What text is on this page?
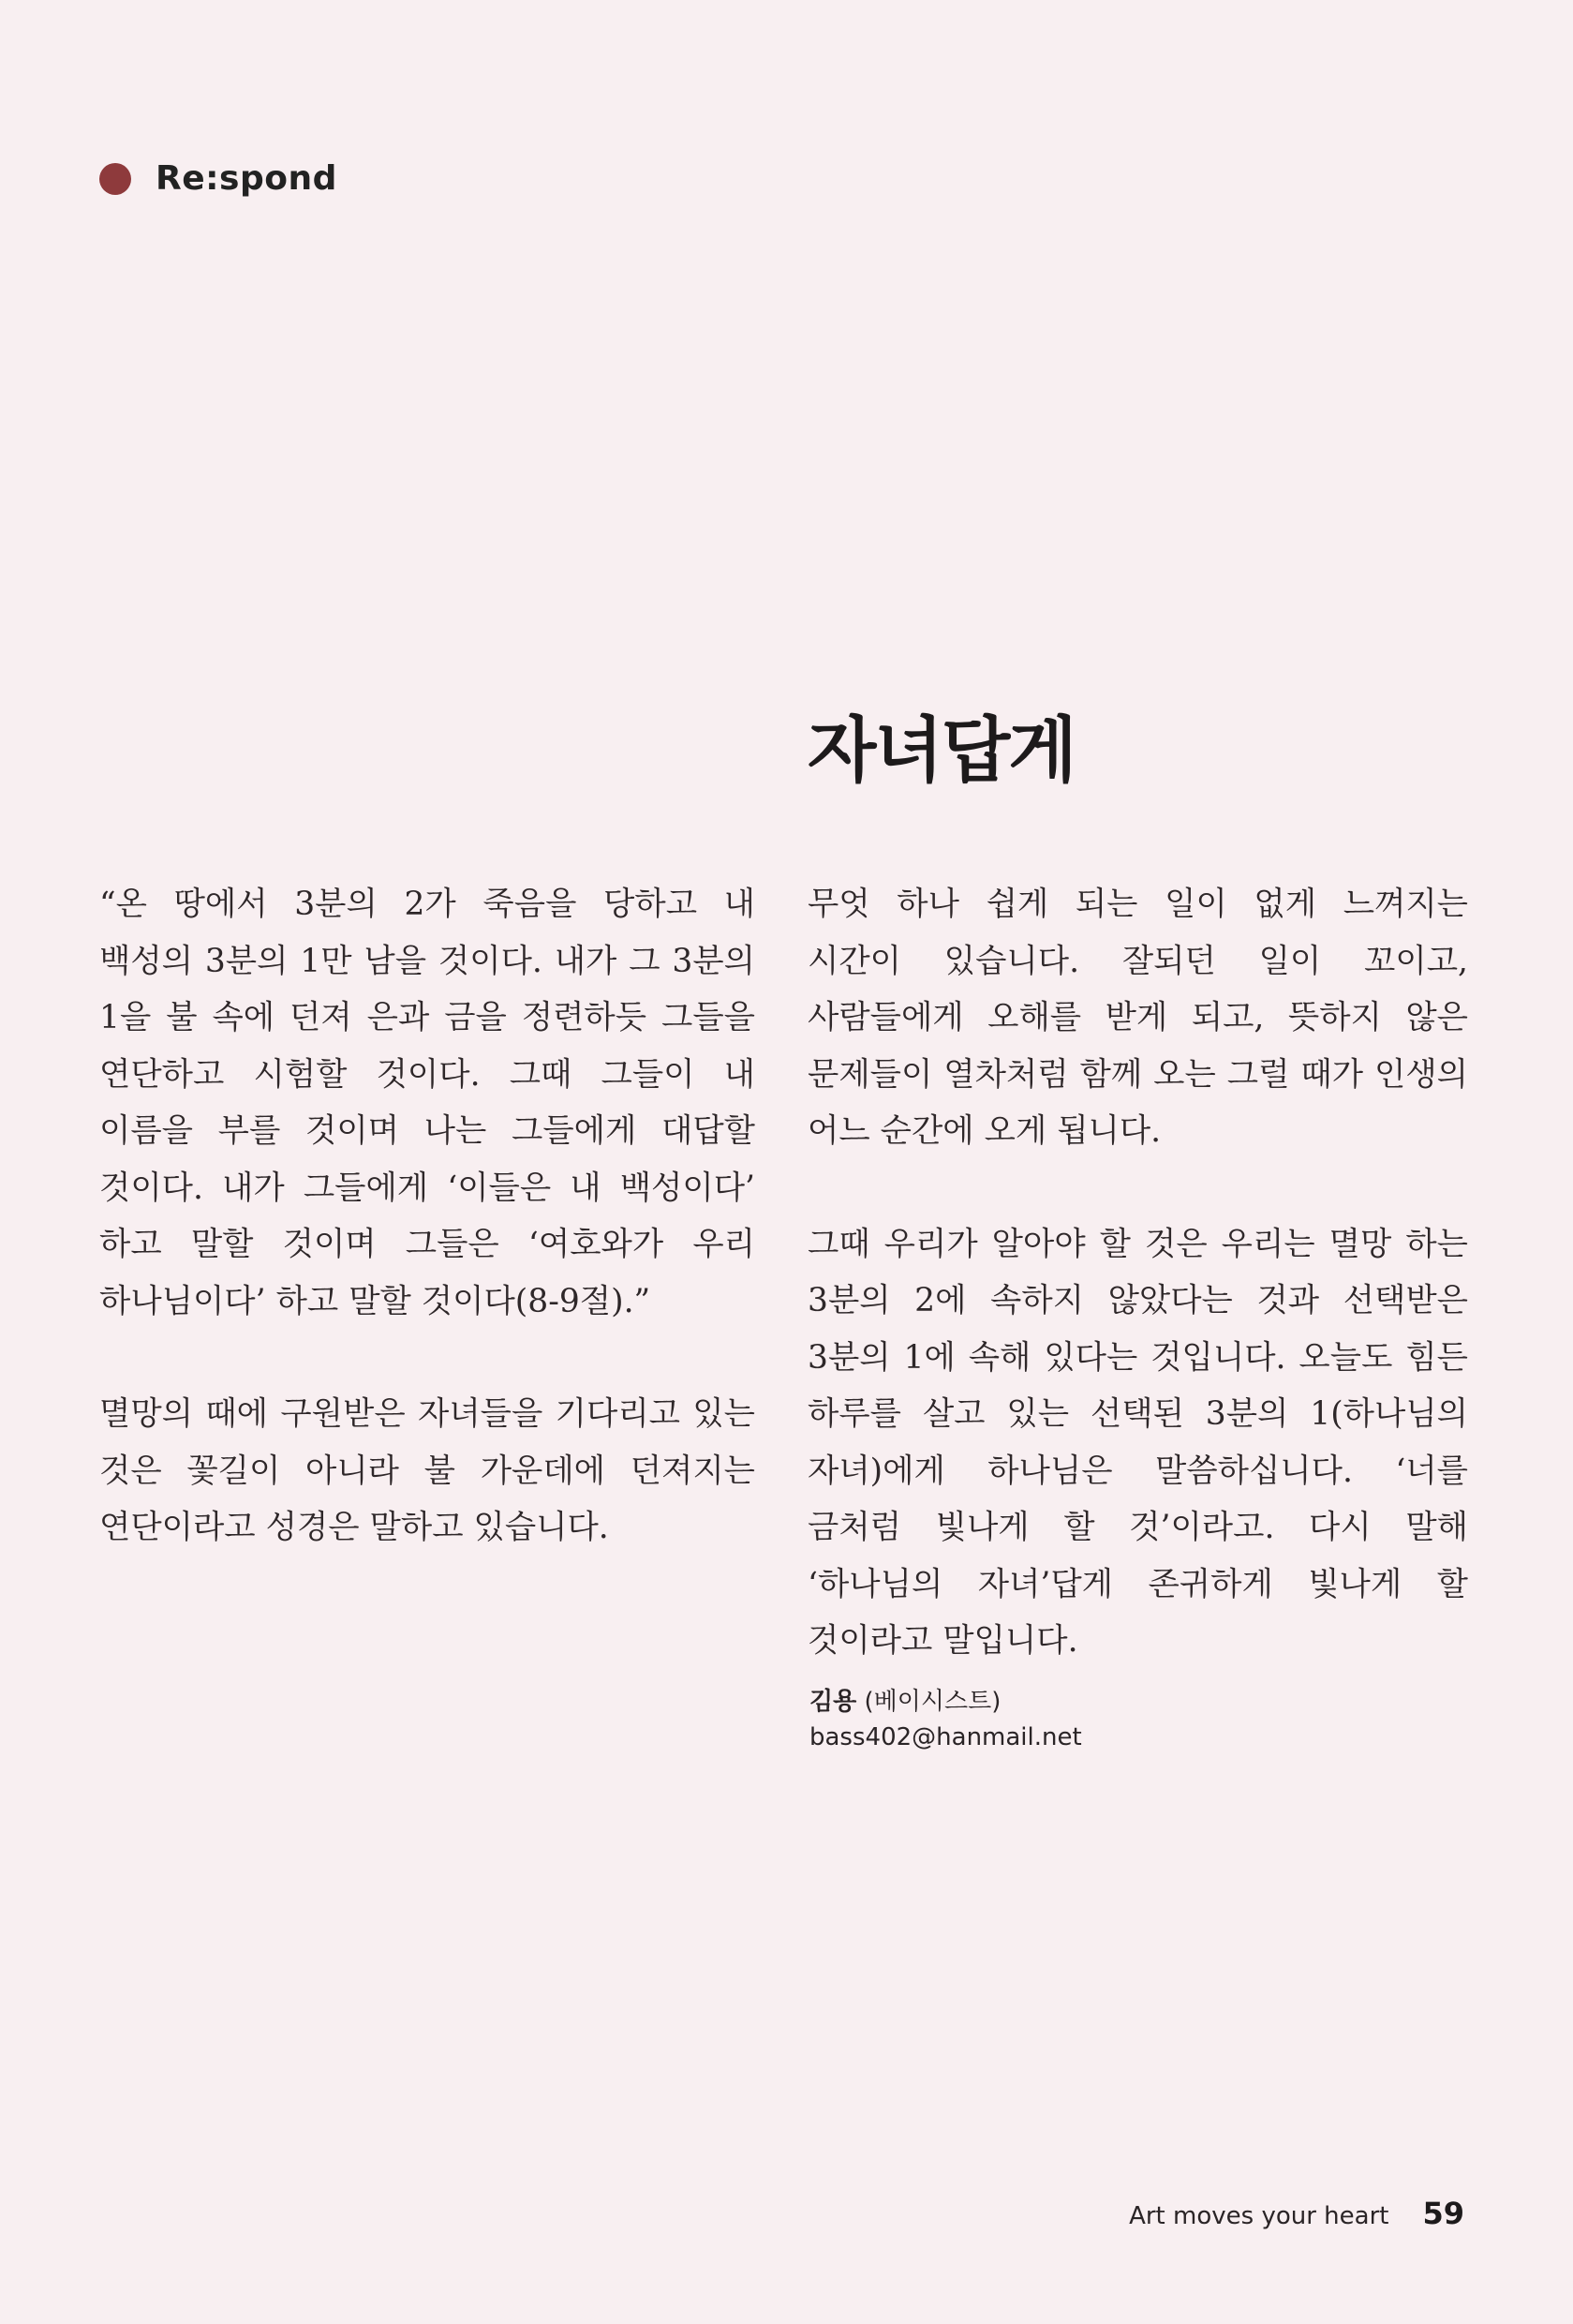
Re:spond
자녀답게

“온 땅에서 3분의 2가 죽음을 당하고 내 백성의 3분의 1만 남을 것이다. 내가 그 3분의 1을 불 속에 던져 은과 금을 정련하듯 그들을 연단하고 시험할 것이다. 그때 그들이 내 이름을 부를 것이며 나는 그들에게 대답할 것이다. 내가 그들에게 ‘이들은 내 백성이다’ 하고 말할 것이며 그들은 ‘여호와가 우리 하나님이다’ 하고 말할 것이다(8-9절).”

멸망의 때에 구원받은 자녀들을 기다리고 있는 것은 꽃길이 아니라 불 가운데에 던져지는 연단이라고 성경은 말하고 있습니다.

무엇 하나 쉽게 되는 일이 없게 느껴지는 시간이 있습니다. 잘되던 일이 꼬이고, 사람들에게 오해를 받게 되고, 뜻하지 않은 문제들이 열차처럼 함께 오는 그럴 때가 인생의 어느 순간에 오게 됩니다.

그때 우리가 알아야 할 것은 우리는 멸망 하는 3분의 2에 속하지 않았다는 것과 선택받은 3분의 1에 속해 있다는 것입니다. 오늘도 힘든 하루를 살고 있는 선택된 3분의 1(하나님의 자녀)에게 하나님은 말씀하십니다. ‘너를 금처럼 빛나게 할 것’이라고. 다시 말해 ‘하나님의 자녀’답게 존귀하게 빛나게 할 것이라고 말입니다.

김용 (베이시스트)
bass402@hanmail.net
Art moves your heart 59
